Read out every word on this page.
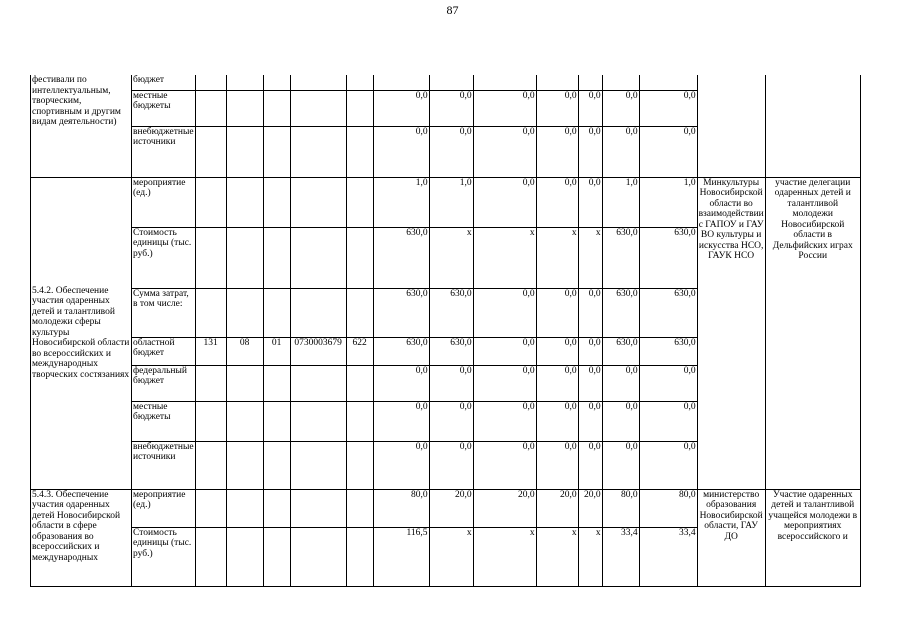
87
фестивали по интеллектуальным, творческим, спортивным и другим видам деятельности)	бюджет														
	местные бюджеты						0,0	0,0	0,0	0,0	0,0	0,0	0,0		
	внебюджетные источники						0,0	0,0	0,0	0,0	0,0	0,0	0,0		
5.4.2. Обеспечение участия одаренных детей и талантливой молодежи сферы культуры Новосибирской области во всероссийских и международных творческих состязаниях	мероприятие (ед.)						1,0	1,0	0,0	0,0	0,0	1,0	1,0	Минкультуры Новосибирской области во взаимодействии с ГАПОУ и ГАУ ВО культуры и искусства НСО, ГАУК НСО	участие делегации одаренных детей и талантливой молодежи Новосибирской области в Дельфийских играх России
	Стоимость единицы (тыс. руб.)						630,0	x	x	x	x	630,0	630,0		
	Сумма затрат, в том числе:						630,0	630,0	0,0	0,0	0,0	630,0	630,0		
	областной бюджет	131	08	01	0730003679	622	630,0	630,0	0,0	0,0	0,0	630,0	630,0		
	федеральный бюджет						0,0	0,0	0,0	0,0	0,0	0,0	0,0		
	местные бюджеты						0,0	0,0	0,0	0,0	0,0	0,0	0,0		
	внебюджетные источники						0,0	0,0	0,0	0,0	0,0	0,0	0,0		
5.4.3. Обеспечение участия одаренных детей Новосибирской области в сфере образования во всероссийских и международных	мероприятие (ед.)						80,0	20,0	20,0	20,0	20,0	80,0	80,0	министерство образования Новосибирской области, ГАУ ДО	Участие одаренных детей и талантливой учащейся молодежи в мероприятиях всероссийского и
	Стоимость единицы (тыс. руб.)						116,5	x	x	x	x	33,4	33,4		
